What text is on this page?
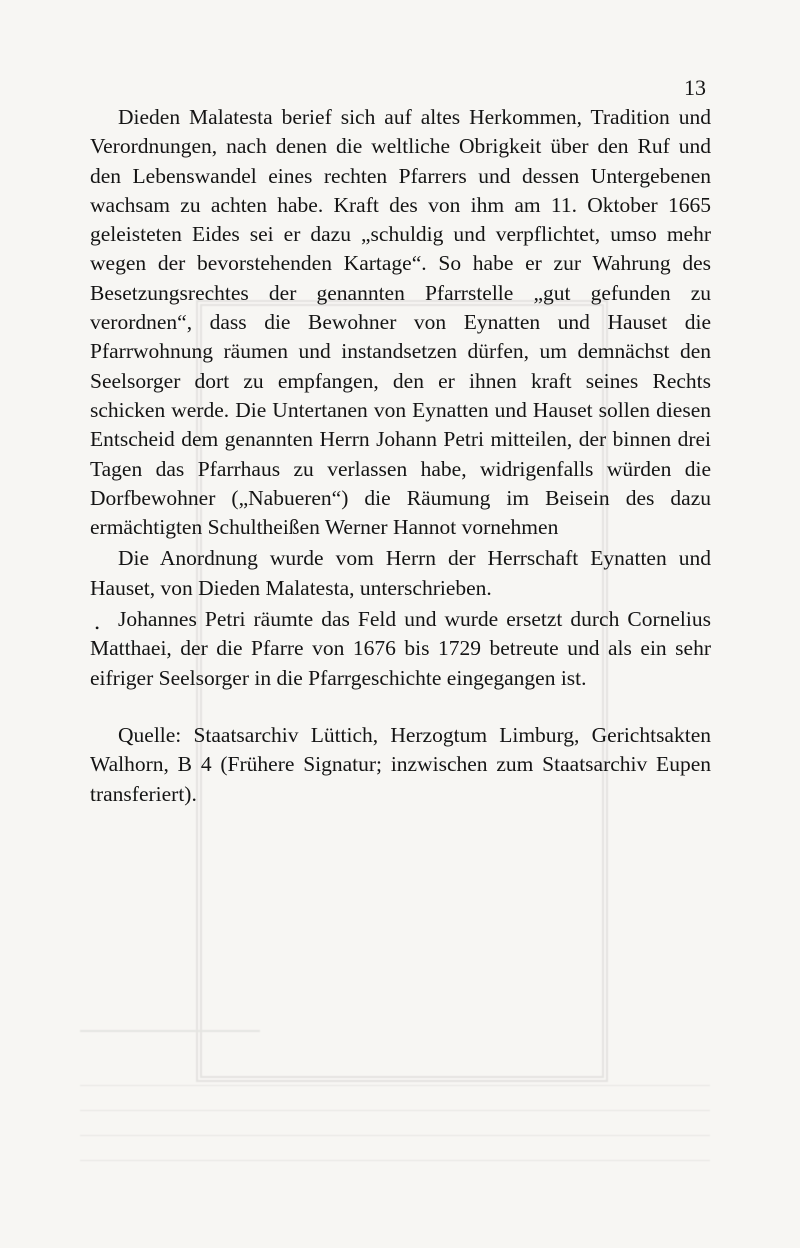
13

Dieden Malatesta berief sich auf altes Herkommen, Tradition und Verordnungen, nach denen die weltliche Obrigkeit über den Ruf und den Lebenswandel eines rechten Pfarrers und dessen Untergebenen wachsam zu achten habe. Kraft des von ihm am 11. Oktober 1665 geleisteten Eides sei er dazu „schuldig und verpflichtet, umso mehr wegen der bevorstehenden Kartage“. So habe er zur Wahrung des Besetzungsrechtes der genannten Pfarrstelle „gut gefunden zu verordnen“, dass die Bewohner von Eynatten und Hauset die Pfarrwohnung räumen und instandsetzen dürfen, um demnächst den Seelsorger dort zu empfangen, den er ihnen kraft seines Rechts schicken werde. Die Untertanen von Eynatten und Hauset sollen diesen Entscheid dem genannten Herrn Johann Petri mitteilen, der binnen drei Tagen das Pfarrhaus zu verlassen habe, widrigenfalls würden die Dorfbewohner („Nabueren“) die Räumung im Beisein des dazu ermächtigten Schultheißen Werner Hannot vornehmen

Die Anordnung wurde vom Herrn der Herrschaft Eynatten und Hauset, von Dieden Malatesta, unterschrieben.

Johannes Petri räumte das Feld und wurde ersetzt durch Cornelius Matthaei, der die Pfarre von 1676 bis 1729 betreute und als ein sehr eifriger Seelsorger in die Pfarrgeschichte eingegangen ist.

Quelle: Staatsarchiv Lüttich, Herzogtum Limburg, Gerichtsakten Walhorn, B 4 (Frühere Signatur; inzwischen zum Staatsarchiv Eupen transferiert).

•
